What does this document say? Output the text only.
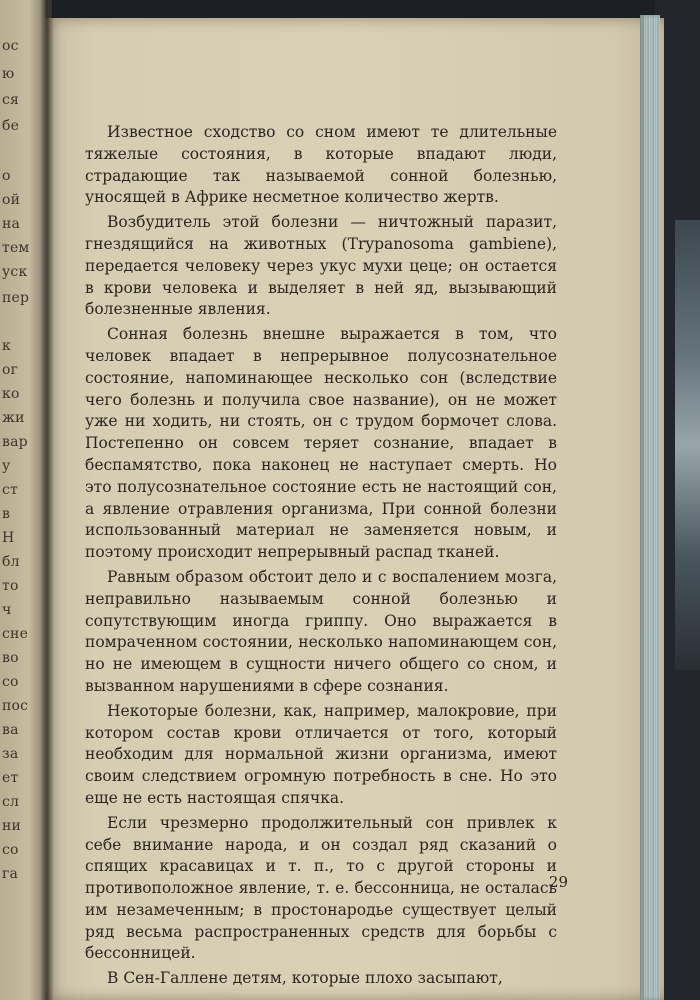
ос
ю
ся
бе
о
ой
на
тем
уск
пер
к
ог
ко
жи
вар
у
ст
в
Н
бл
то
ч
сне
во
со
пос
ва
за
ет
сл
ни
со
га

Известное сходство со сном имеют те длительные тяжелые состояния, в которые впадают люди, страдающие так называемой сонной болезнью, уносящей в Африке несметное количество жертв.

Возбудитель этой болезни — ничтожный паразит, гнездящийся на животных (Trypanosoma gambiene), передается человеку через укус мухи цеце; он остается в крови человека и выделяет в ней яд, вызывающий болезненные явления.

Сонная болезнь внешне выражается в том, что человек впадает в непрерывное полусознательное состояние, напоминающее несколько сон (вследствие чего болезнь и получила свое название), он не может уже ни ходить, ни стоять, он с трудом бормочет слова. Постепенно он совсем теряет сознание, впадает в беспамятство, пока наконец не наступает смерть. Но это полусознательное состояние есть не настоящий сон, а явление отравления организма, При сонной болезни использованный материал не заменяется новым, и поэтому происходит непрерывный распад тканей.

Равным образом обстоит дело и с воспалением мозга, неправильно называемым сонной болезнью и сопутствующим иногда гриппу. Оно выражается в помраченном состоянии, несколько напоминающем сон, но не имеющем в сущности ничего общего со сном, и вызванном нарушениями в сфере сознания.

Некоторые болезни, как, например, малокровие, при котором состав крови отличается от того, который необходим для нормальной жизни организма, имеют своим следствием огромную потребность в сне. Но это еще не есть настоящая спячка.

Если чрезмерно продолжительный сон привлек к себе внимание народа, и он создал ряд сказаний о спящих красавицах и т. п., то с другой стороны и противоположное явление, т. е. бессонница, не осталась им незамеченным; в простонародье существует целый ряд весьма распространенных средств для борьбы с бессонницей.

В Сен-Галлене детям, которые плохо засыпают,

29
